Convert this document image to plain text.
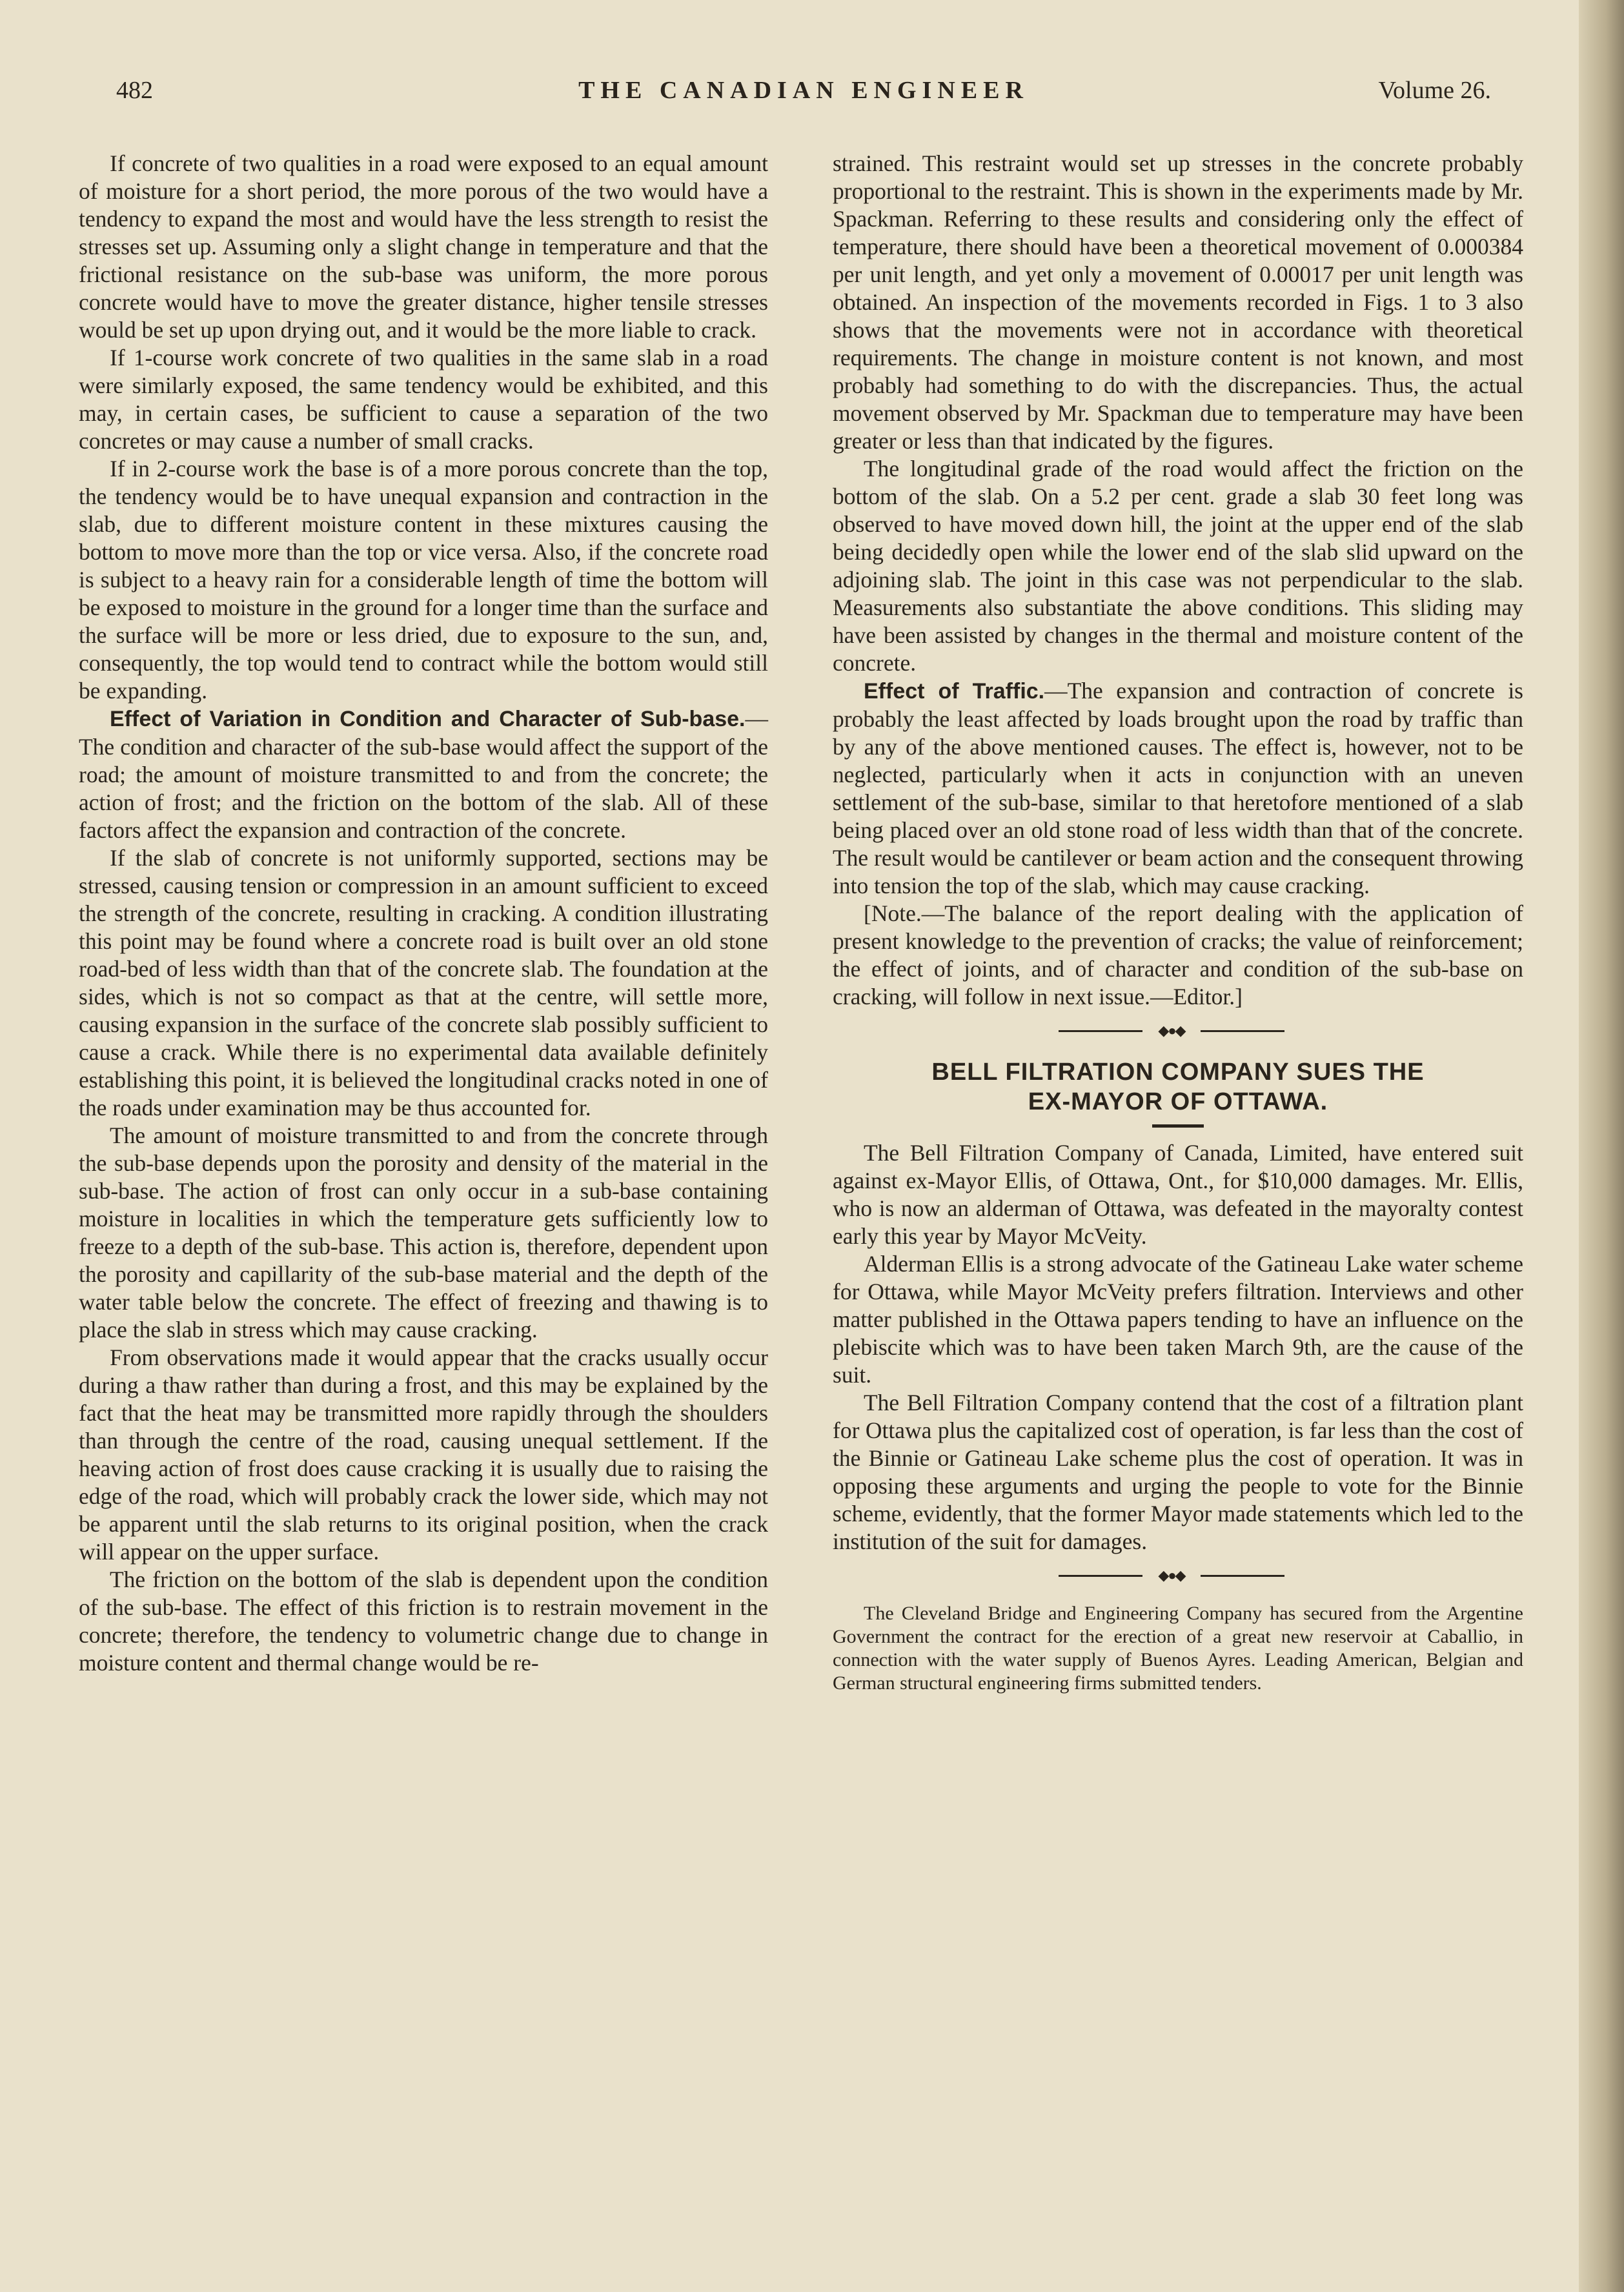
482	THE CANADIAN ENGINEER	Volume 26.

If concrete of two qualities in a road were exposed to an equal amount of moisture for a short period, the more porous of the two would have a tendency to expand the most and would have the less strength to resist the stresses set up. Assuming only a slight change in temperature and that the frictional resistance on the sub-base was uniform, the more porous concrete would have to move the greater distance, higher tensile stresses would be set up upon drying out, and it would be the more liable to crack.

If 1-course work concrete of two qualities in the same slab in a road were similarly exposed, the same tendency would be exhibited, and this may, in certain cases, be sufficient to cause a separation of the two concretes or may cause a number of small cracks.

If in 2-course work the base is of a more porous concrete than the top, the tendency would be to have unequal expansion and contraction in the slab, due to different moisture content in these mixtures causing the bottom to move more than the top or vice versa. Also, if the concrete road is subject to a heavy rain for a considerable length of time the bottom will be exposed to moisture in the ground for a longer time than the surface and the surface will be more or less dried, due to exposure to the sun, and, consequently, the top would tend to contract while the bottom would still be expanding.

Effect of Variation in Condition and Character of Sub-base.—The condition and character of the sub-base would affect the support of the road; the amount of moisture transmitted to and from the concrete; the action of frost; and the friction on the bottom of the slab. All of these factors affect the expansion and contraction of the concrete.

If the slab of concrete is not uniformly supported, sections may be stressed, causing tension or compression in an amount sufficient to exceed the strength of the concrete, resulting in cracking. A condition illustrating this point may be found where a concrete road is built over an old stone road-bed of less width than that of the concrete slab. The foundation at the sides, which is not so compact as that at the centre, will settle more, causing expansion in the surface of the concrete slab possibly sufficient to cause a crack. While there is no experimental data available definitely establishing this point, it is believed the longitudinal cracks noted in one of the roads under examination may be thus accounted for.

The amount of moisture transmitted to and from the concrete through the sub-base depends upon the porosity and density of the material in the sub-base. The action of frost can only occur in a sub-base containing moisture in localities in which the temperature gets sufficiently low to freeze to a depth of the sub-base. This action is, therefore, dependent upon the porosity and capillarity of the sub-base material and the depth of the water table below the concrete. The effect of freezing and thawing is to place the slab in stress which may cause cracking.

From observations made it would appear that the cracks usually occur during a thaw rather than during a frost, and this may be explained by the fact that the heat may be transmitted more rapidly through the shoulders than through the centre of the road, causing unequal settlement. If the heaving action of frost does cause cracking it is usually due to raising the edge of the road, which will probably crack the lower side, which may not be apparent until the slab returns to its original position, when the crack will appear on the upper surface.

The friction on the bottom of the slab is dependent upon the condition of the sub-base. The effect of this friction is to restrain movement in the concrete; therefore, the tendency to volumetric change due to change in moisture content and thermal change would be re-

strained. This restraint would set up stresses in the concrete probably proportional to the restraint. This is shown in the experiments made by Mr. Spackman. Referring to these results and considering only the effect of temperature, there should have been a theoretical movement of 0.000384 per unit length, and yet only a movement of 0.00017 per unit length was obtained. An inspection of the movements recorded in Figs. 1 to 3 also shows that the movements were not in accordance with theoretical requirements. The change in moisture content is not known, and most probably had something to do with the discrepancies. Thus, the actual movement observed by Mr. Spackman due to temperature may have been greater or less than that indicated by the figures.

The longitudinal grade of the road would affect the friction on the bottom of the slab. On a 5.2 per cent. grade a slab 30 feet long was observed to have moved down hill, the joint at the upper end of the slab being decidedly open while the lower end of the slab slid upward on the adjoining slab. The joint in this case was not perpendicular to the slab. Measurements also substantiate the above conditions. This sliding may have been assisted by changes in the thermal and moisture content of the concrete.

Effect of Traffic.—The expansion and contraction of concrete is probably the least affected by loads brought upon the road by traffic than by any of the above mentioned causes. The effect is, however, not to be neglected, particularly when it acts in conjunction with an uneven settlement of the sub-base, similar to that heretofore mentioned of a slab being placed over an old stone road of less width than that of the concrete. The result would be cantilever or beam action and the consequent throwing into tension the top of the slab, which may cause cracking.

[Note.—The balance of the report dealing with the application of present knowledge to the prevention of cracks; the value of reinforcement; the effect of joints, and of character and condition of the sub-base on cracking, will follow in next issue.—Editor.]

◆●◆
BELL FILTRATION COMPANY SUES THE
EX-MAYOR OF OTTAWA.

The Bell Filtration Company of Canada, Limited, have entered suit against ex-Mayor Ellis, of Ottawa, Ont., for $10,000 damages. Mr. Ellis, who is now an alderman of Ottawa, was defeated in the mayoralty contest early this year by Mayor McVeity.

Alderman Ellis is a strong advocate of the Gatineau Lake water scheme for Ottawa, while Mayor McVeity prefers filtration. Interviews and other matter published in the Ottawa papers tending to have an influence on the plebiscite which was to have been taken March 9th, are the cause of the suit.

The Bell Filtration Company contend that the cost of a filtration plant for Ottawa plus the capitalized cost of operation, is far less than the cost of the Binnie or Gatineau Lake scheme plus the cost of operation. It was in opposing these arguments and urging the people to vote for the Binnie scheme, evidently, that the former Mayor made statements which led to the institution of the suit for damages.

◆●◆

The Cleveland Bridge and Engineering Company has secured from the Argentine Government the contract for the erection of a great new reservoir at Caballio, in connection with the water supply of Buenos Ayres. Leading American, Belgian and German structural engineering firms submitted tenders.
